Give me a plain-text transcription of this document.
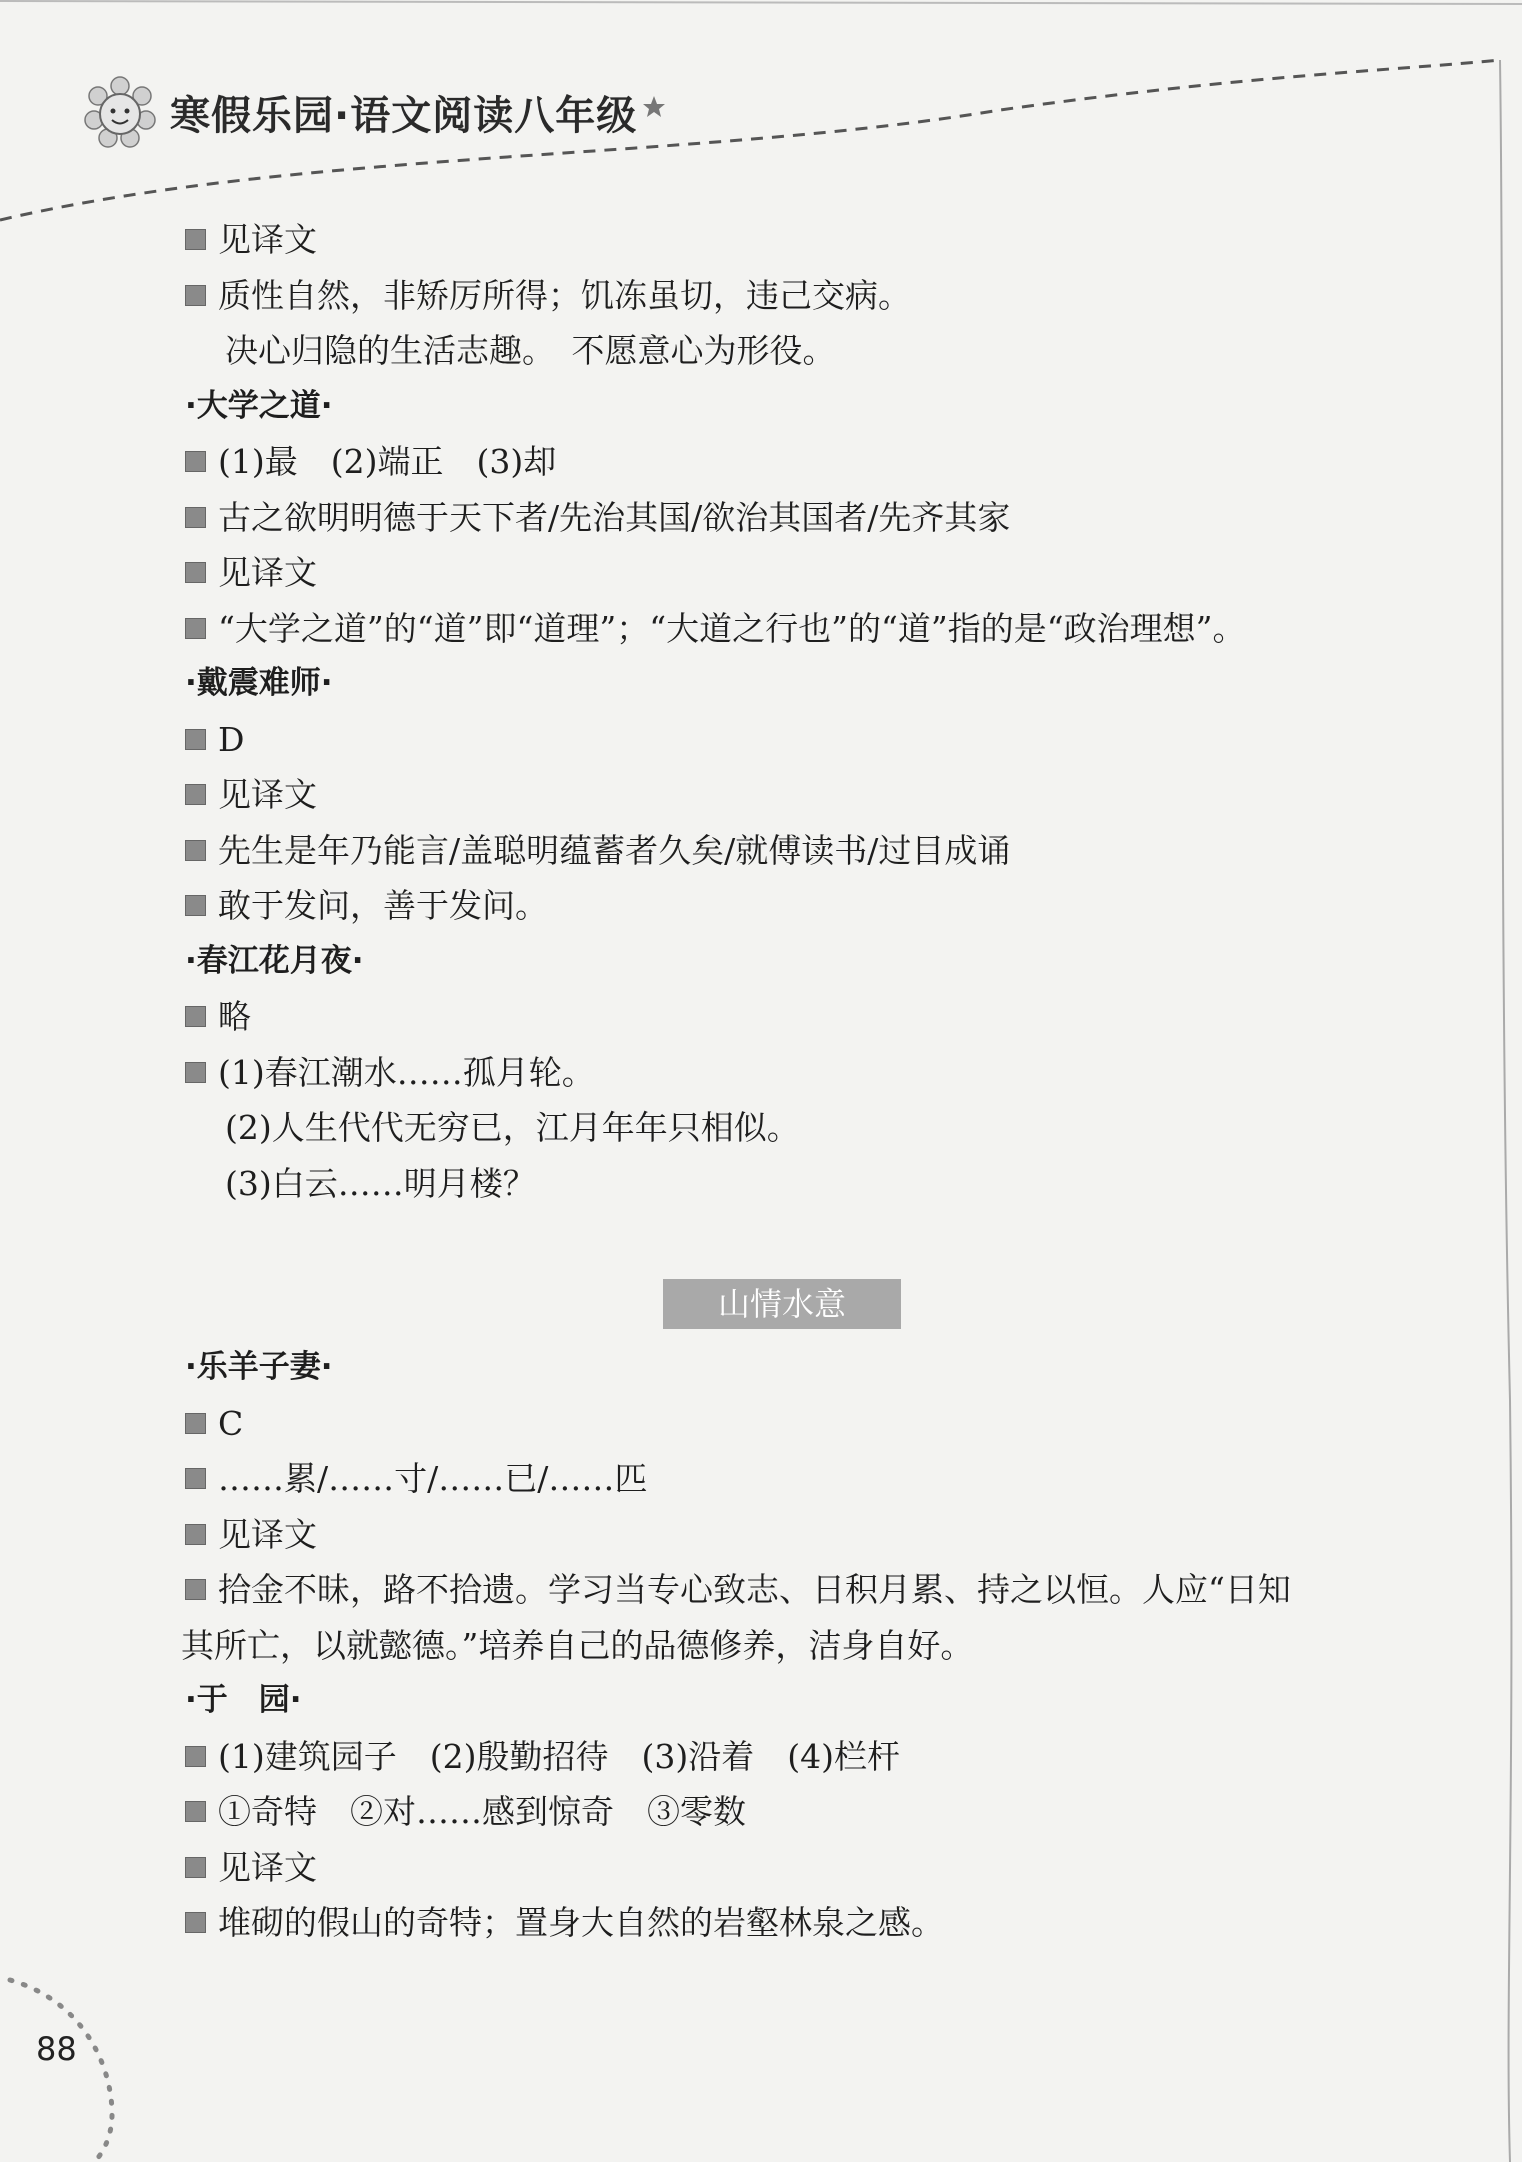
寒假乐园·语文阅读八年级
见译文
质性自然，非矫厉所得；饥冻虽切，违己交病。
决心归隐的生活志趣。　不愿意心为形役。
·大学之道·
(1)最　(2)端正　(3)却
古之欲明明德于天下者/先治其国/欲治其国者/先齐其家
见译文
“大学之道”的“道”即“道理”；“大道之行也”的“道”指的是“政治理想”。
·戴震难师·
D
见译文
先生是年乃能言/盖聪明蕴蓄者久矣/就傅读书/过目成诵
敢于发问，善于发问。
·春江花月夜·
略
(1)春江潮水……孤月轮。
(2)人生代代无穷已，江月年年只相似。
(3)白云……明月楼？
山情水意
·乐羊子妻·
C
……累/……寸/……已/……匹
见译文
拾金不昧，路不拾遗。学习当专心致志、日积月累、持之以恒。人应“日知
其所亡，以就懿德。”培养自己的品德修养，洁身自好。
·于　园·
(1)建筑园子　(2)殷勤招待　(3)沿着　(4)栏杆
①奇特　②对……感到惊奇　③零数
见译文
堆砌的假山的奇特；置身大自然的岩壑林泉之感。
88
